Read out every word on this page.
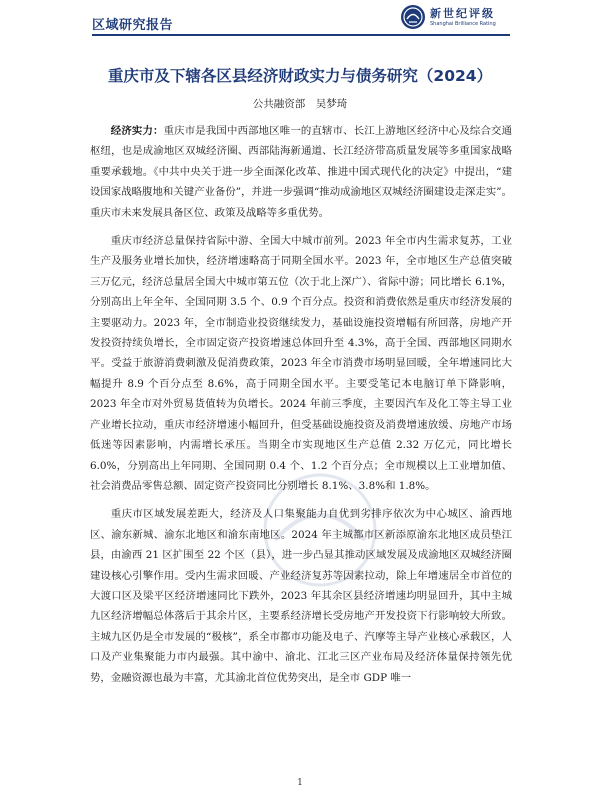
区域研究报告
新世纪评级
Shanghai Brilliance Rating
重庆市及下辖各区县经济财政实力与债务研究（2024）
公共融资部　吴梦琦

经济实力：重庆市是我国中西部地区唯一的直辖市、长江上游地区经济中心及综合交通枢纽，也是成渝地区双城经济圈、西部陆海新通道、长江经济带高质量发展等多重国家战略重要承载地。《中共中央关于进一步全面深化改革、推进中国式现代化的决定》中提出，“建设国家战略腹地和关键产业备份”，并进一步强调“推动成渝地区双城经济圈建设走深走实”。重庆市未来发展具备区位、政策及战略等多重优势。

重庆市经济总量保持省际中游、全国大中城市前列。2023 年全市内生需求复苏，工业生产及服务业增长加快，经济增速略高于同期全国水平。2023 年，全市地区生产总值突破三万亿元，经济总量居全国大中城市第五位（次于北上深广）、省际中游；同比增长 6.1%，分别高出上年全年、全国同期 3.5 个、0.9 个百分点。投资和消费依然是重庆市经济发展的主要驱动力。2023 年，全市制造业投资继续发力，基础设施投资增幅有所回落，房地产开发投资持续负增长，全市固定资产投资增速总体回升至 4.3%，高于全国、西部地区同期水平。受益于旅游消费刺激及促消费政策，2023 年全市消费市场明显回暖，全年增速同比大幅提升 8.9 个百分点至 8.6%，高于同期全国水平。主要受笔记本电脑订单下降影响，2023 年全市对外贸易货值转为负增长。2024 年前三季度，主要因汽车及化工等主导工业产业增长拉动，重庆市经济增速小幅回升，但受基础设施投资及消费增速放缓、房地产市场低迷等因素影响，内需增长承压。当期全市实现地区生产总值 2.32 万亿元，同比增长 6.0%，分别高出上年同期、全国同期 0.4 个、1.2 个百分点；全市规模以上工业增加值、社会消费品零售总额、固定资产投资同比分别增长 8.1%、3.8%和 1.8%。

重庆市区域发展差距大，经济及人口集聚能力自优到劣排序依次为中心城区、渝西地区、渝东新城、渝东北地区和渝东南地区。2024 年主城都市区新添原渝东北地区成员垫江县，由渝西 21 区扩围至 22 个区（县），进一步凸显其推动区域发展及成渝地区双城经济圈建设核心引擎作用。受内生需求回暖、产业经济复苏等因素拉动，除上年增速居全市首位的大渡口区及梁平区经济增速同比下跌外，2023 年其余区县经济增速均明显回升，其中主城九区经济增幅总体落后于其余片区，主要系经济增长受房地产开发投资下行影响较大所致。主城九区仍是全市发展的“极核”，系全市都市功能及电子、汽摩等主导产业核心承载区，人口及产业集聚能力市内最强。其中渝中、渝北、江北三区产业布局及经济体量保持领先优势，金融资源也最为丰富，尤其渝北首位优势突出，是全市 GDP 唯一

1
